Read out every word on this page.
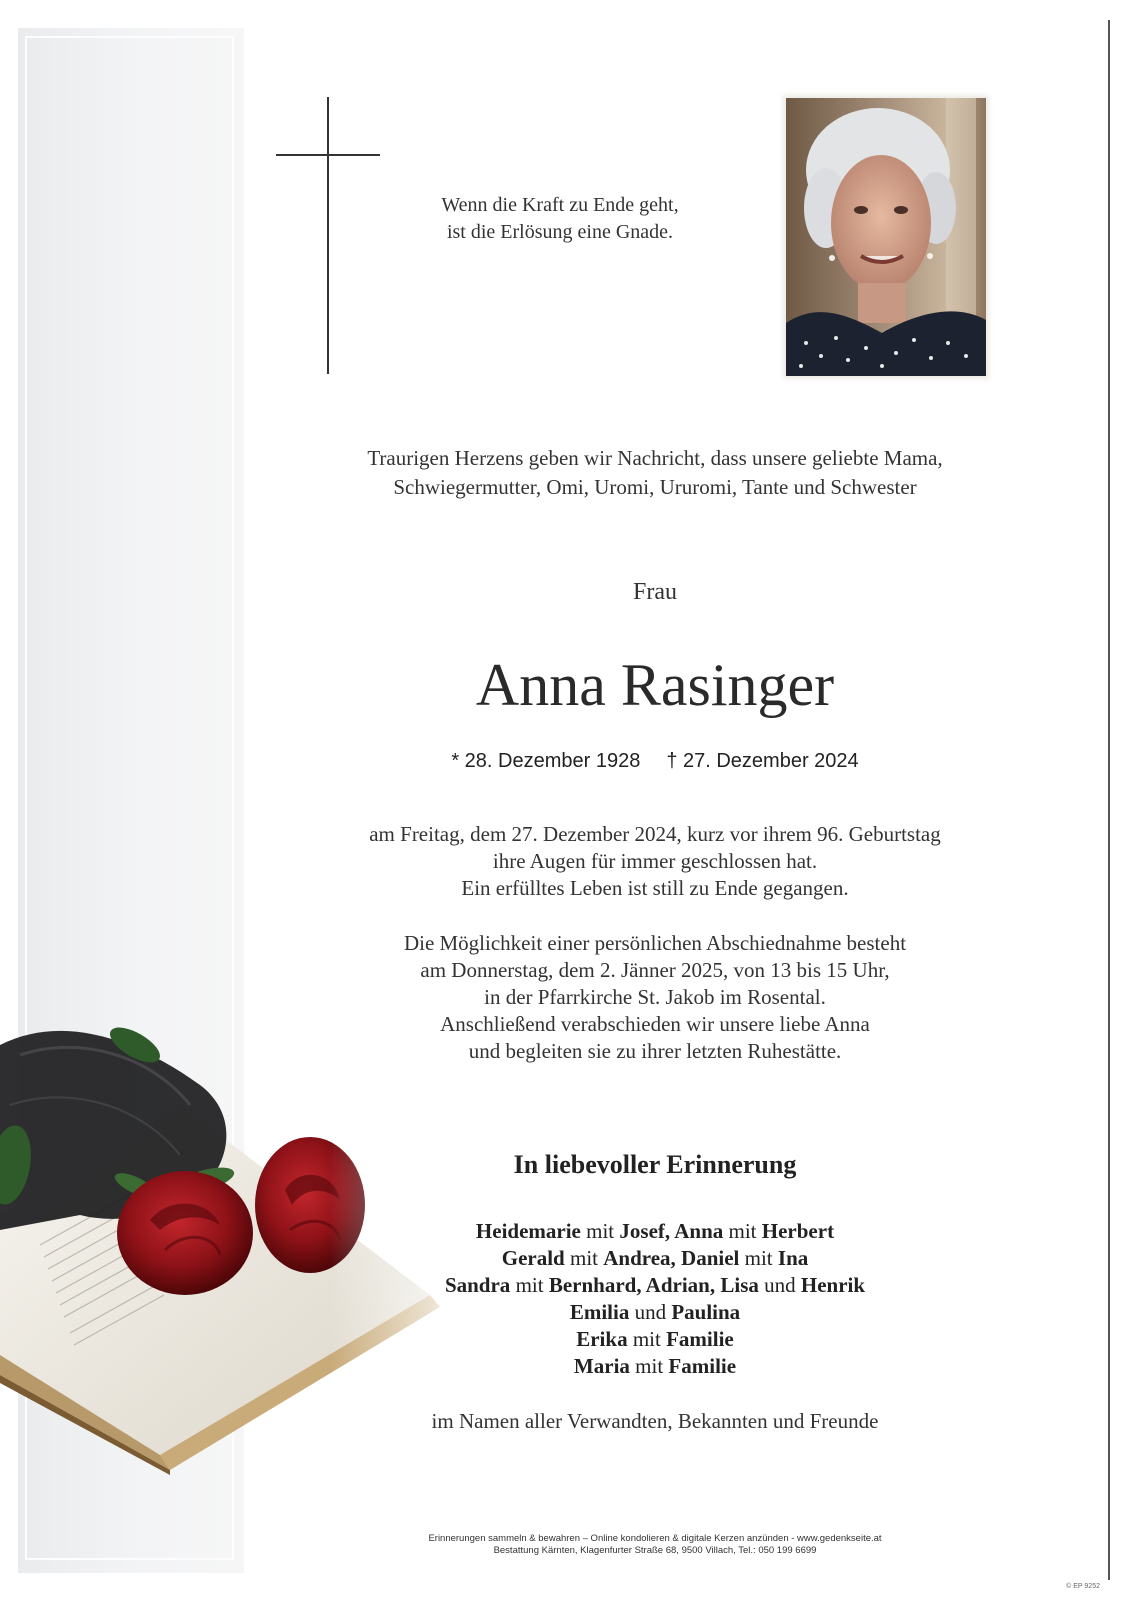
Wenn die Kraft zu Ende geht,
ist die Erlösung eine Gnade.
Traurigen Herzens geben wir Nachricht, dass unsere geliebte Mama,
Schwiegermutter, Omi, Uromi, Ururomi, Tante und Schwester
Frau
Anna Rasinger
* 28. Dezember 1928 † 27. Dezember 2024
am Freitag, dem 27. Dezember 2024, kurz vor ihrem 96. Geburtstag
ihre Augen für immer geschlossen hat.
Ein erfülltes Leben ist still zu Ende gegangen.
Die Möglichkeit einer persönlichen Abschiednahme besteht
am Donnerstag, dem 2. Jänner 2025, von 13 bis 15 Uhr,
in der Pfarrkirche St. Jakob im Rosental.
Anschließend verabschieden wir unsere liebe Anna
und begleiten sie zu ihrer letzten Ruhestätte.
In liebevoller Erinnerung
Heidemarie mit Josef, Anna mit Herbert
Gerald mit Andrea, Daniel mit Ina
Sandra mit Bernhard, Adrian, Lisa und Henrik
Emilia und Paulina
Erika mit Familie
Maria mit Familie
im Namen aller Verwandten, Bekannten und Freunde
Erinnerungen sammeln & bewahren – Online kondolieren & digitale Kerzen anzünden - www.gedenkseite.at
Bestattung Kärnten, Klagenfurter Straße 68, 9500 Villach, Tel.: 050 199 6699
© EP 9252
